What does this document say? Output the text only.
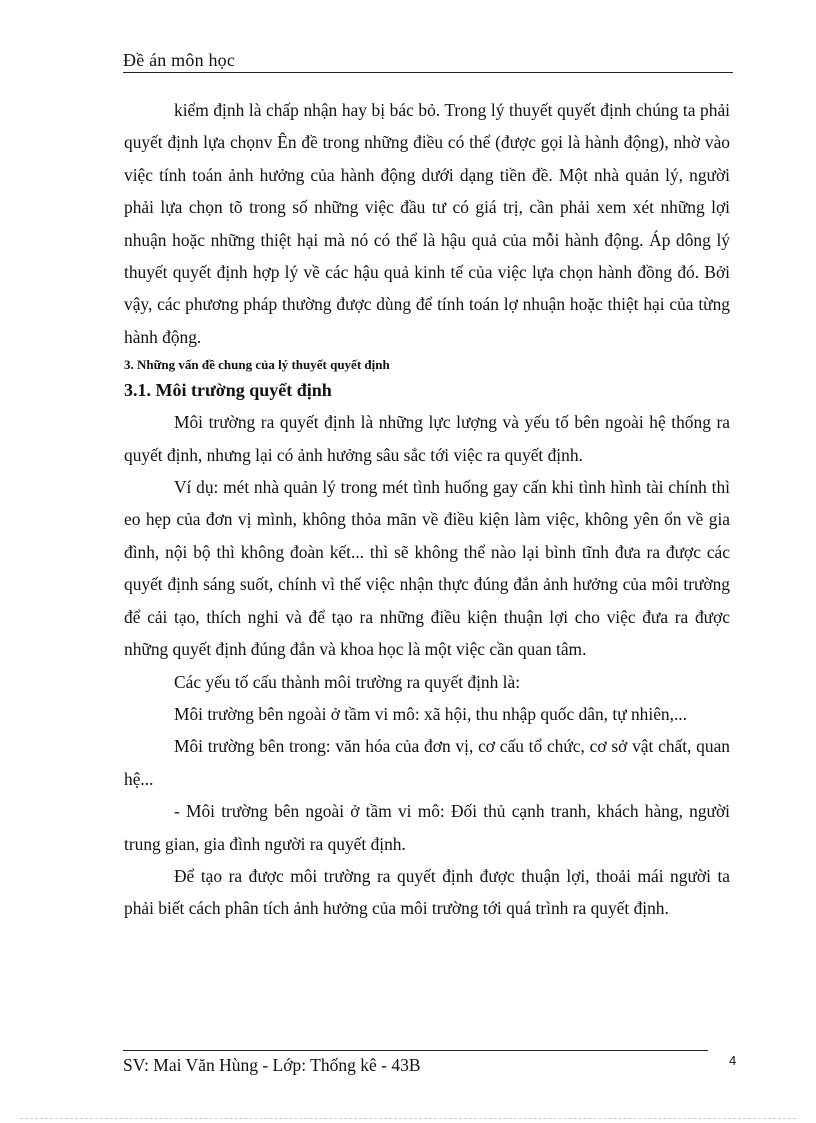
Đề án môn học

kiểm định là chấp nhận hay bị bác bỏ. Trong lý thuyết quyết định chúng ta phải quyết định lựa chọnv Ên đề trong những điều có thể (được gọi là hành động), nhờ vào việc tính toán ảnh hưởng của hành động dưới dạng tiền đề. Một nhà quản lý, người phải lựa chọn tõ trong số những việc đầu tư có giá trị, cần phải xem xét những lợi nhuận hoặc những thiệt hại mà nó có thể là hậu quả của mỗi hành động. Áp dông lý thuyết quyết định hợp lý về các hậu quả kinh tế của việc lựa chọn hành đồng đó. Bởi vậy, các phương pháp thường được dùng để tính toán lợ nhuận hoặc thiệt hại của từng hành động.

3. Những vấn đề chung của lý thuyết quyết định
3.1. Môi trường quyết định

Môi trường ra quyết định là những lực lượng và yếu tố bên ngoài hệ thống ra quyết định, nhưng lại có ảnh hưởng sâu sắc tới việc ra quyết định.

Ví dụ: mét nhà quản lý trong mét tình huống gay cấn khi tình hình tài chính thì eo hẹp của đơn vị mình, không thỏa mãn về điều kiện làm việc, không yên ổn về gia đình, nội bộ thì không đoàn kết... thì sẽ không thể nào lại bình tĩnh đưa ra được các quyết định sáng suốt, chính vì thế việc nhận thực đúng đắn ảnh hưởng của môi trường để cải tạo, thích nghi và để tạo ra những điều kiện thuận lợi cho việc đưa ra được những quyết định đúng đắn và khoa học là một việc cần quan tâm.

Các yếu tố cấu thành môi trường ra quyết định là:

Môi trường bên ngoài ở tầm vi mô: xã hội, thu nhập quốc dân, tự nhiên,...

Môi trường bên trong: văn hóa của đơn vị, cơ cấu tổ chức, cơ sở vật chất, quan hệ...

- Môi trường bên ngoài ở tầm vi mô: Đối thủ cạnh tranh, khách hàng, người trung gian, gia đình người ra quyết định.

Để tạo ra được môi trường ra quyết định được thuận lợi, thoải mái người ta phải biết cách phân tích ảnh hưởng của môi trường tới quá trình ra quyết định.

SV: Mai Văn Hùng - Lớp: Thống kê - 43B	4
